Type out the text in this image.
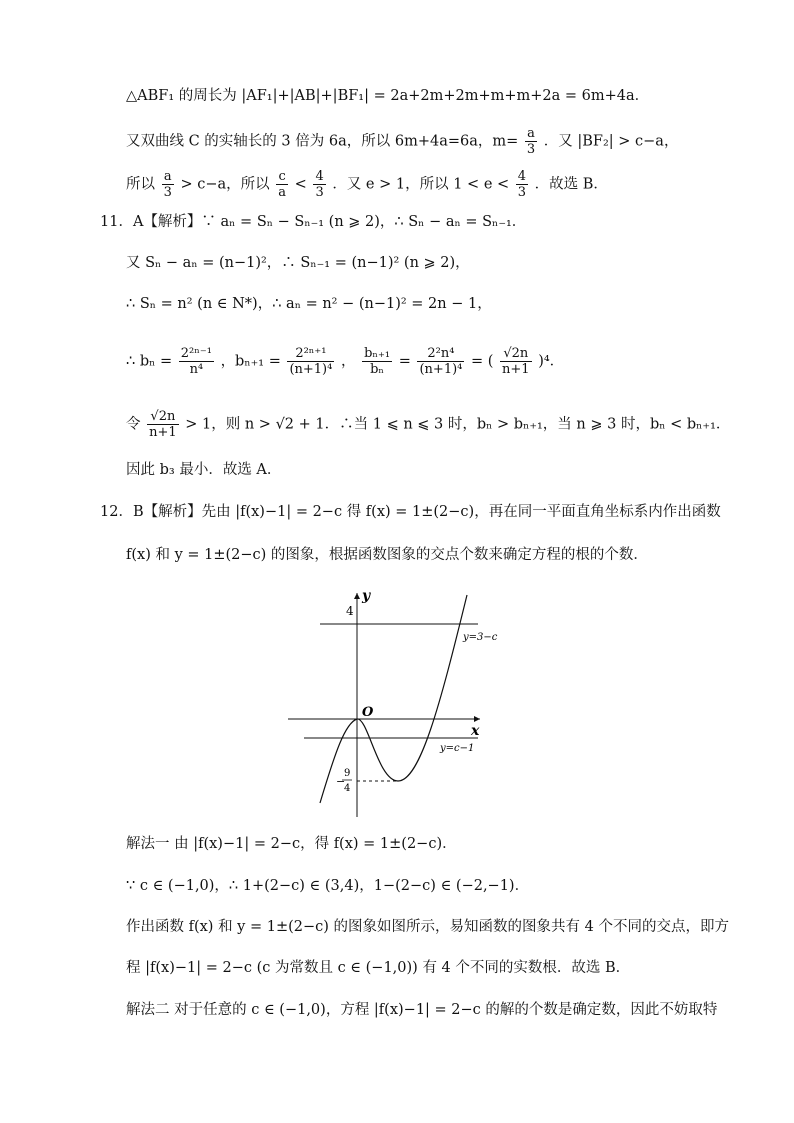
△ABF₁ 的周长为 |AF₁|+|AB|+|BF₁| = 2a+2m+2m+m+m+2a = 6m+4a．
又双曲线 C 的实轴长的 3 倍为 6a，所以 6m+4a=6a，$m= \frac{a}{3}$ ．又 |BF₂| > c−a，
所以 $\frac{a}{3} > c-a$，所以 $\frac{c}{a} < \frac{4}{3}$ ．又 e > 1，所以 $1 < e < \frac{4}{3}$ ．故选 B．
11．A【解析】∵ aₙ = Sₙ − Sₙ₋₁ (n ⩾ 2)，∴ Sₙ − aₙ = Sₙ₋₁．
又 Sₙ − aₙ = (n−1)²，∴ Sₙ₋₁ = (n−1)² (n ⩾ 2)，
∴ Sₙ = n² (n ∈ N*)，∴ aₙ = n² − (n−1)² = 2n − 1，
∴ $b_n = \frac{\text{2²ⁿ⁻¹}}{\text{n⁴}}$ ，$b_{n+1} = \frac{\text{2²ⁿ⁺¹}}{\text{(n+1)⁴}}$ ， $\frac{\text{bₙ₊₁}}{\text{bₙ}} = \frac{\text{2²n⁴}}{\text{(n+1)⁴}}$ = ( $\frac{√2n}{n+1} )^4$．
令 $\frac{√2n}{n+1} > 1$，则 n > √2 + 1．∴当 1 ⩽ n ⩽ 3 时，bₙ > bₙ₊₁，当 n ⩾ 3 时，bₙ < bₙ₊₁．
因此 b₃ 最小．故选 A．
12．B【解析】先由 |f(x)−1| = 2−c 得 f(x) = 1±(2−c)，再在同一平面直角坐标系内作出函数
f(x) 和 y = 1±(2−c) 的图象，根据函数图象的交点个数来确定方程的根的个数．
y
x
O
4
y=3−c
y=c−1
−
9
4
解法一 由 |f(x)−1| = 2−c，得 f(x) = 1±(2−c)．
∵ c ∈ (−1,0)，∴ 1+(2−c) ∈ (3,4)，1−(2−c) ∈ (−2,−1)．
作出函数 f(x) 和 y = 1±(2−c) 的图象如图所示，易知函数的图象共有 4 个不同的交点，即方
程 |f(x)−1| = 2−c (c 为常数且 c ∈ (−1,0)) 有 4 个不同的实数根．故选 B．
解法二 对于任意的 c ∈ (−1,0)，方程 |f(x)−1| = 2−c 的解的个数是确定数，因此不妨取特
